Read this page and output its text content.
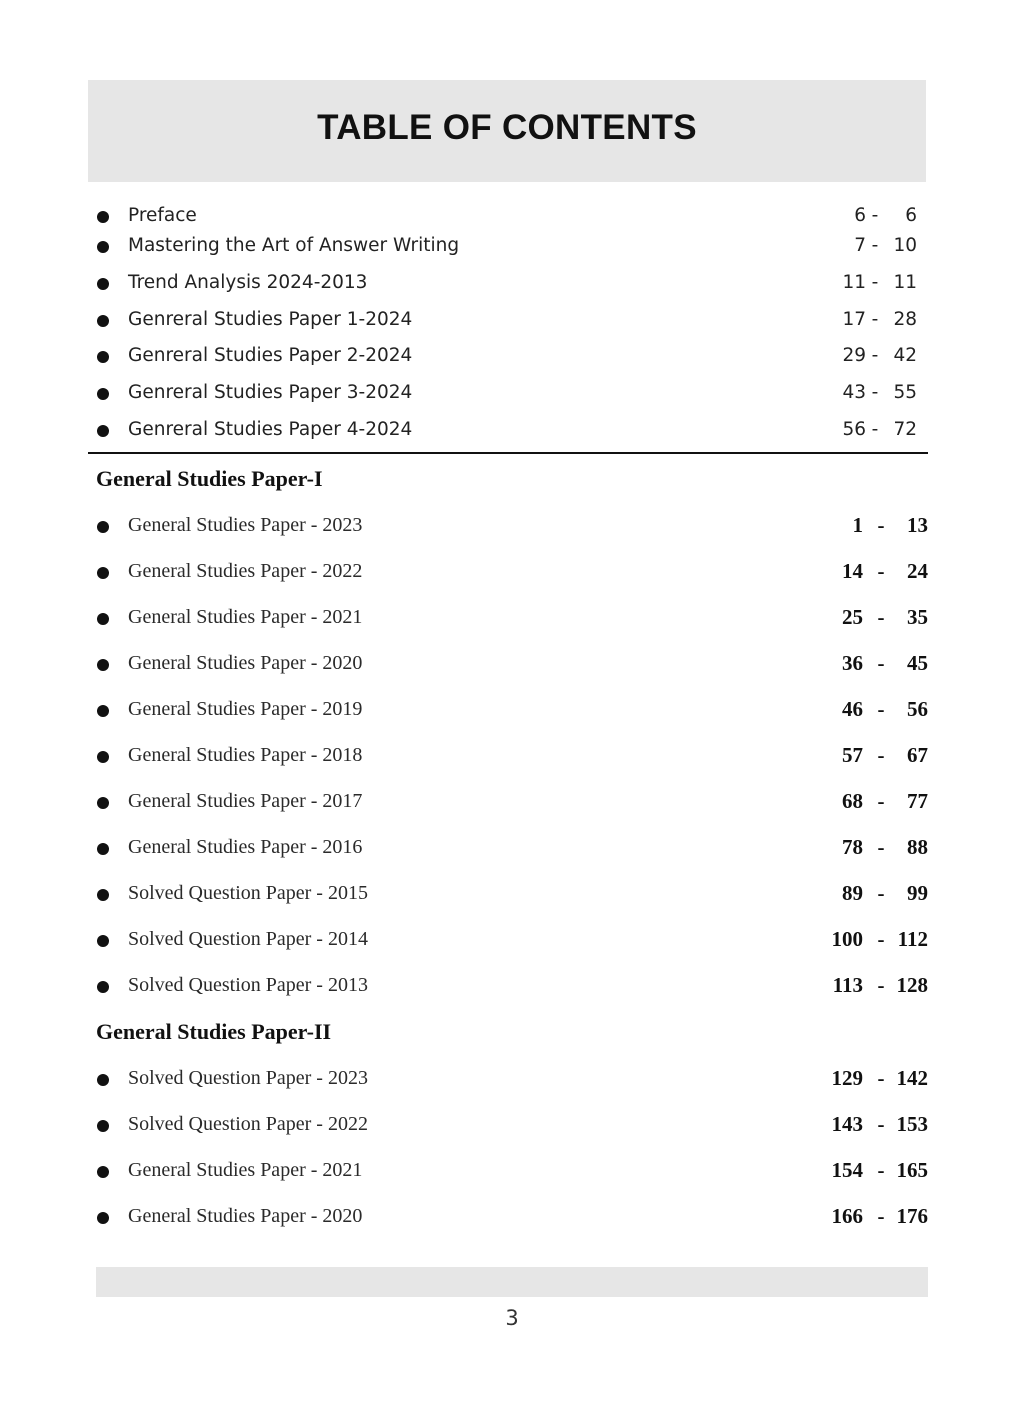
TABLE OF CONTENTS
Preface	6 - 6
Mastering the Art of Answer Writing	7 - 10
Trend Analysis 2024-2013	11 - 11
Genreral Studies Paper 1-2024	17 - 28
Genreral Studies Paper 2-2024	29 - 42
Genreral Studies Paper 3-2024	43 - 55
Genreral Studies Paper 4-2024	56 - 72
General Studies Paper-I
General Studies Paper - 2023	1 - 13
General Studies Paper - 2022	14 - 24
General Studies Paper - 2021	25 - 35
General Studies Paper - 2020	36 - 45
General Studies Paper - 2019	46 - 56
General Studies Paper - 2018	57 - 67
General Studies Paper - 2017	68 - 77
General Studies Paper - 2016	78 - 88
Solved Question Paper - 2015	89 - 99
Solved Question Paper - 2014	100 - 112
Solved Question Paper - 2013	113 - 128
General Studies Paper-II
Solved Question Paper - 2023	129 - 142
Solved Question Paper - 2022	143 - 153
General Studies Paper - 2021	154 - 165
General Studies Paper - 2020	166 - 176
3
